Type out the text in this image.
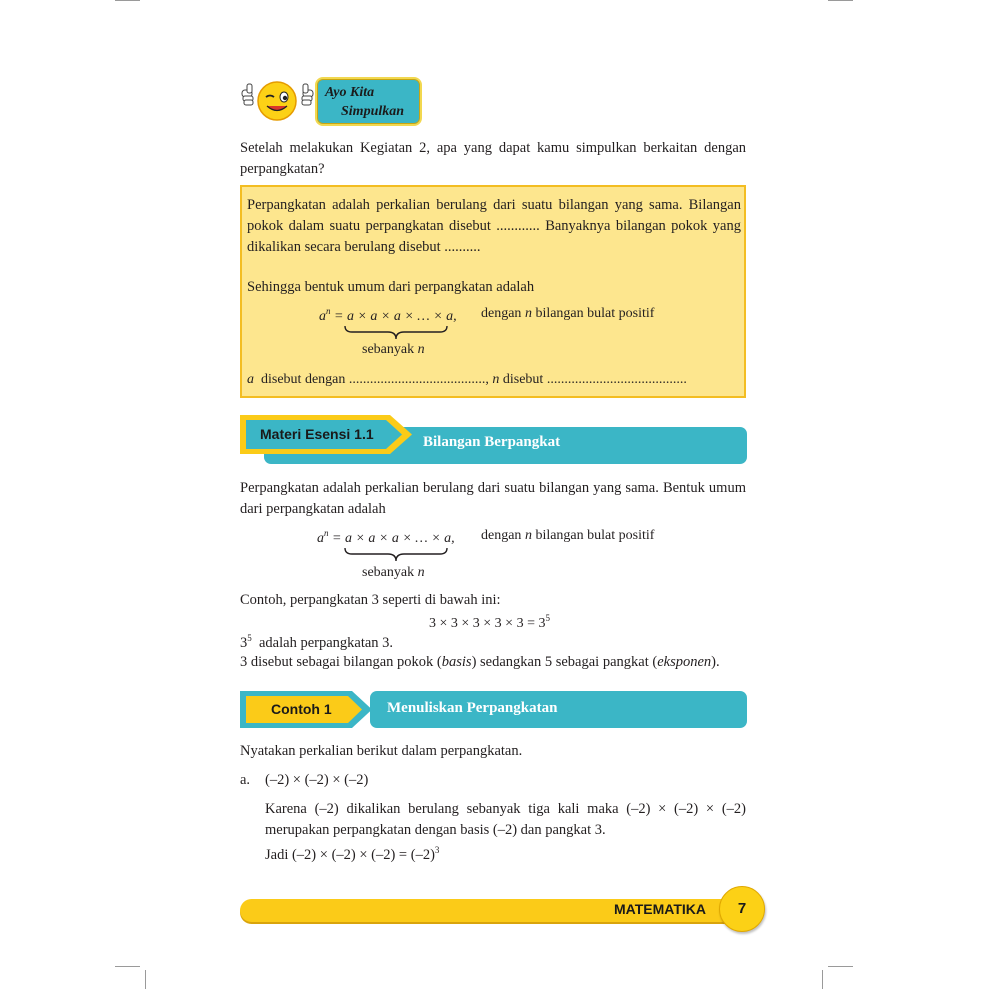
Ayo Kita
Simpulkan
Setelah melakukan Kegiatan 2, apa yang dapat kamu simpulkan berkaitan dengan perpangkatan?
Perpangkatan adalah perkalian berulang dari suatu bilangan yang sama. Bilangan pokok dalam suatu perpangkatan disebut ............ Banyaknya bilangan pokok yang dikalikan secara berulang disebut ..........
Sehingga bentuk umum dari perpangkatan adalah
$a^n = a \times a \times a$ × … × a, dengan n bilangan bulat positif
sebanyak n
a  disebut dengan ......................................., n disebut ........................................
Materi Esensi 1.1	Bilangan Berpangkat
Perpangkatan adalah perkalian berulang dari suatu bilangan yang sama. Bentuk umum dari perpangkatan adalah
$a^n = a \times a \times a$ × … × a, dengan n bilangan bulat positif
sebanyak n
Contoh, perpangkatan 3 seperti di bawah ini:
$3 \times 3 \times 3 \times 3 \times 3 = 3^5$
$3^5$  adalah perpangkatan 3.
3 disebut sebagai bilangan pokok (basis) sedangkan 5 sebagai pangkat (eksponen).
Contoh 1	Menuliskan Perpangkatan
Nyatakan perkalian berikut dalam perpangkatan.
a. (–2) × (–2) × (–2)
Karena (–2) dikalikan berulang sebanyak tiga kali maka (–2) × (–2) × (–2) merupakan perpangkatan dengan basis (–2) dan pangkat 3.
Jadi $(-2) \times (-2) \times (-2) = (-2)^3$
MATEMATIKA	7
